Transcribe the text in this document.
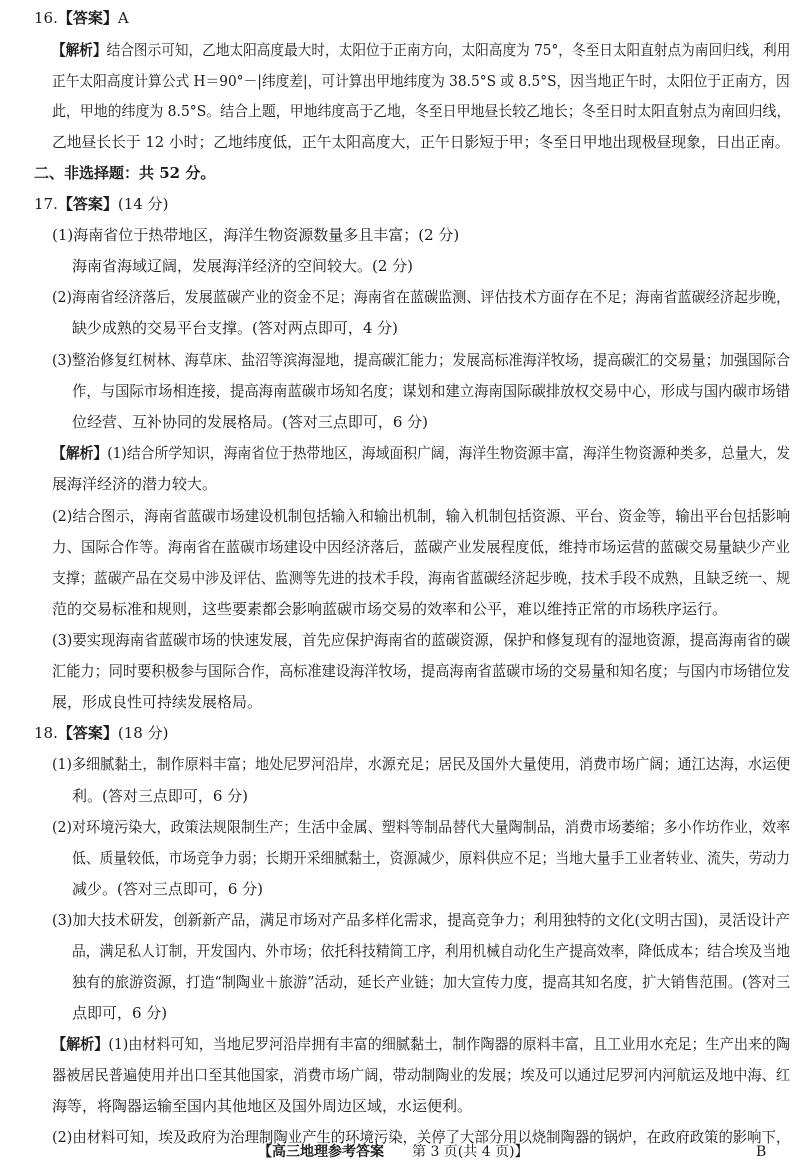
16.【答案】A
【解析】结合图示可知，乙地太阳高度最大时，太阳位于正南方向，太阳高度为 75°，冬至日太阳直射点为南回归线，利用
正午太阳高度计算公式 H＝90°－|纬度差|，可计算出甲地纬度为 38.5°S 或 8.5°S，因当地正午时，太阳位于正南方，因
此，甲地的纬度为 8.5°S。结合上题，甲地纬度高于乙地，冬至日甲地昼长较乙地长；冬至日时太阳直射点为南回归线，
乙地昼长长于 12 小时；乙地纬度低，正午太阳高度大，正午日影短于甲；冬至日甲地出现极昼现象，日出正南。
二、非选择题：共 52 分。
17.【答案】(14 分)
(1)海南省位于热带地区，海洋生物资源数量多且丰富；(2 分)
海南省海域辽阔，发展海洋经济的空间较大。(2 分)
(2)海南省经济落后，发展蓝碳产业的资金不足；海南省在蓝碳监测、评估技术方面存在不足；海南省蓝碳经济起步晚，
缺少成熟的交易平台支撑。(答对两点即可，4 分)
(3)整治修复红树林、海草床、盐沼等滨海湿地，提高碳汇能力；发展高标准海洋牧场，提高碳汇的交易量；加强国际合
作，与国际市场相连接，提高海南蓝碳市场知名度；谋划和建立海南国际碳排放权交易中心，形成与国内碳市场错
位经营、互补协同的发展格局。(答对三点即可，6 分)
【解析】(1)结合所学知识，海南省位于热带地区，海域面积广阔，海洋生物资源丰富，海洋生物资源种类多，总量大，发
展海洋经济的潜力较大。
(2)结合图示，海南省蓝碳市场建设机制包括输入和输出机制，输入机制包括资源、平台、资金等，输出平台包括影响
力、国际合作等。海南省在蓝碳市场建设中因经济落后，蓝碳产业发展程度低，维持市场运营的蓝碳交易量缺少产业
支撑；蓝碳产品在交易中涉及评估、监测等先进的技术手段，海南省蓝碳经济起步晚，技术手段不成熟，且缺乏统一、规
范的交易标准和规则，这些要素都会影响蓝碳市场交易的效率和公平，难以维持正常的市场秩序运行。
(3)要实现海南省蓝碳市场的快速发展，首先应保护海南省的蓝碳资源，保护和修复现有的湿地资源，提高海南省的碳
汇能力；同时要积极参与国际合作，高标准建设海洋牧场，提高海南省蓝碳市场的交易量和知名度；与国内市场错位发
展，形成良性可持续发展格局。
18.【答案】(18 分)
(1)多细腻黏土，制作原料丰富；地处尼罗河沿岸，水源充足；居民及国外大量使用，消费市场广阔；通江达海，水运便
利。(答对三点即可，6 分)
(2)对环境污染大，政策法规限制生产；生活中金属、塑料等制品替代大量陶制品，消费市场萎缩；多小作坊作业，效率
低、质量较低，市场竞争力弱；长期开采细腻黏土，资源减少，原料供应不足；当地大量手工业者转业、流失，劳动力
减少。(答对三点即可，6 分)
(3)加大技术研发，创新新产品，满足市场对产品多样化需求，提高竞争力；利用独特的文化(文明古国)，灵活设计产
品，满足私人订制，开发国内、外市场；依托科技精简工序，利用机械自动化生产提高效率，降低成本；结合埃及当地
独有的旅游资源，打造“制陶业＋旅游”活动，延长产业链；加大宣传力度，提高其知名度，扩大销售范围。(答对三
点即可，6 分)
【解析】(1)由材料可知，当地尼罗河沿岸拥有丰富的细腻黏土，制作陶器的原料丰富，且工业用水充足；生产出来的陶
器被居民普遍使用并出口至其他国家，消费市场广阔，带动制陶业的发展；埃及可以通过尼罗河内河航运及地中海、红
海等，将陶器运输至国内其他地区及国外周边区域，水运便利。
(2)由材料可知，埃及政府为治理制陶业产生的环境污染，关停了大部分用以烧制陶器的锅炉，在政府政策的影响下，
【高三地理参考答案 第 3 页(共 4 页)】	B
